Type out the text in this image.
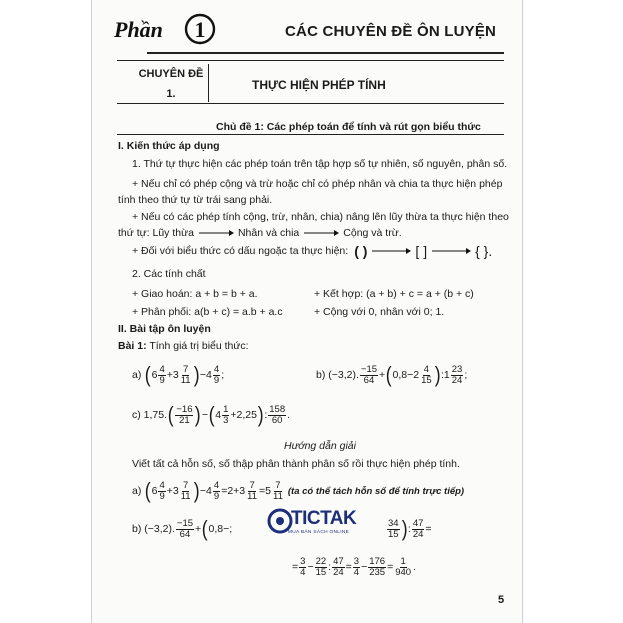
Phần 1	CÁC CHUYÊN ĐỀ ÔN LUYỆN
CHUYÊN ĐỀ
1.
THỰC HIỆN PHÉP TÍNH
Chủ đề 1: Các phép toán để tính và rút gọn biểu thức
I. Kiến thức áp dụng
1. Thứ tự thực hiện các phép toán trên tập hợp số tự nhiên, số nguyên, phân số.
+ Nếu chỉ có phép cộng và trừ hoặc chỉ có phép nhân và chia ta thực hiện phép
tính theo thứ tự từ trái sang phải.
+ Nếu có các phép tính cộng, trừ, nhân, chia) nâng lên lũy thừa ta thực hiện theo
thứ tự: Lũy thừa	Nhân và chia	Cộng và trừ.
+ Đối với biểu thức có dấu ngoặc ta thực hiện: ( )	[ ]	{ }.
2. Các tính chất
+ Giao hoán: a + b = b + a.	+ Kết hợp: (a + b) + c = a + (b + c)
+ Phân phối: a(b + c) = a.b + a.c	+ Cộng với 0, nhân với 0; 1.
II. Bài tập ôn luyện
Bài 1: Tính giá trị biểu thức:
a)
( $6 \frac{4}{9} +3 \frac{7}{11}$ ) $-4 \frac{4}{9}$ ;	b) (−3,2). $\frac{-15}{64}$ + ( $0,8-2 \frac{4}{15}$ ) :1 $\frac{23}{24}$ ;
c) 1,75. ( $\frac{-16}{21}$ ) − ( $4 \frac{1}{3} +2,25$ ) : $\frac{158}{60}$ .
Hướng dẫn giải
Viết tất cả hỗn số, số thập phân thành phân số rồi thực hiện phép tính.
a)
( $6 \frac{4}{9} +3 \frac{7}{11}$ ) $-4 \frac{4}{9} =2+3 \frac{7}{11} =5 \frac{7}{11} (ta$ có thể tách hỗn số để tính trực tiếp)
b) (−3,2). $\frac{-15}{64}$ + ( 0,8−;	$\frac{34}{15}$ ) : $\frac{47}{24}$ =
TICTAK
MUA BÁN SÁCH ONLINE
= $\frac{3}{4} - \frac{22}{15}$ : $\frac{47}{24} = \frac{3}{4} - \frac{176}{235} = \frac{1}{940}$ .
5
